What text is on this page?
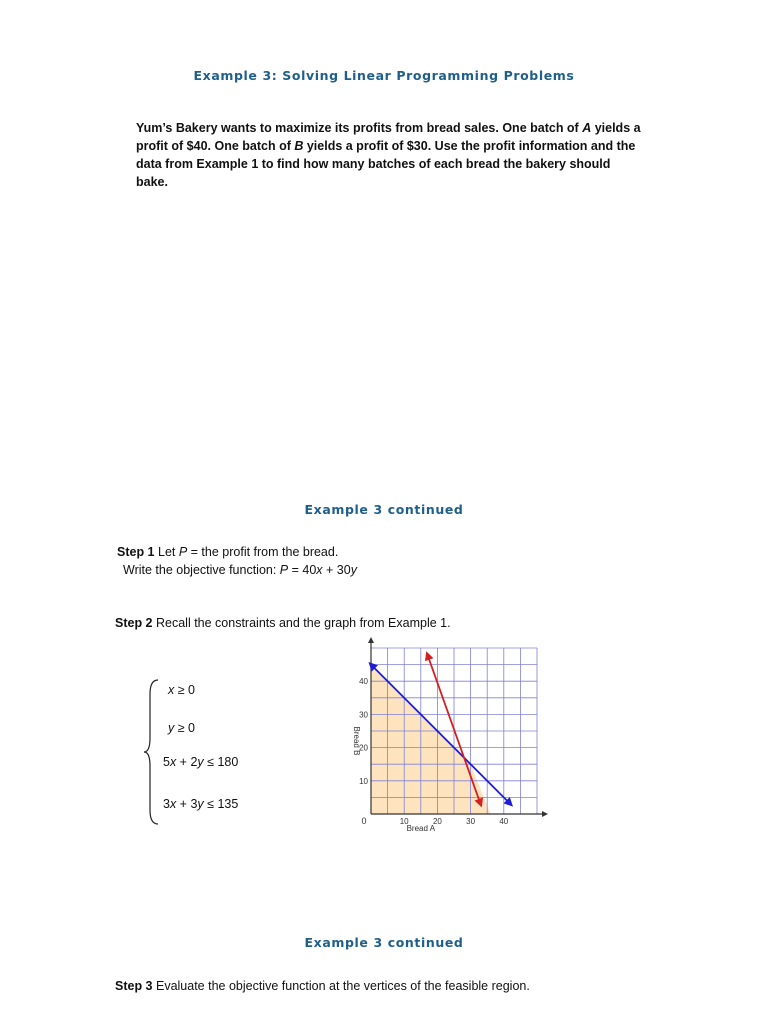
Example 3: Solving Linear Programming Problems
Yum’s Bakery wants to maximize its profits from bread sales. One batch of A yields a
profit of $40. One batch of B yields a profit of $30. Use the profit information and the
data from Example 1 to find how many batches of each bread the bakery should
bake.
Example 3 continued
Step 1 Let P = the profit from the bread.
Write the objective function: P = 40x + 30y
Step 2 Recall the constraints and the graph from Example 1.
x ≥ 0
y ≥ 0
5x + 2y ≤ 180
3x + 3y ≤ 135
10	20	30	40
10
20
30
40
Bread A
Bread B
0
Example 3 continued
Step 3 Evaluate the objective function at the vertices of the feasible region.
